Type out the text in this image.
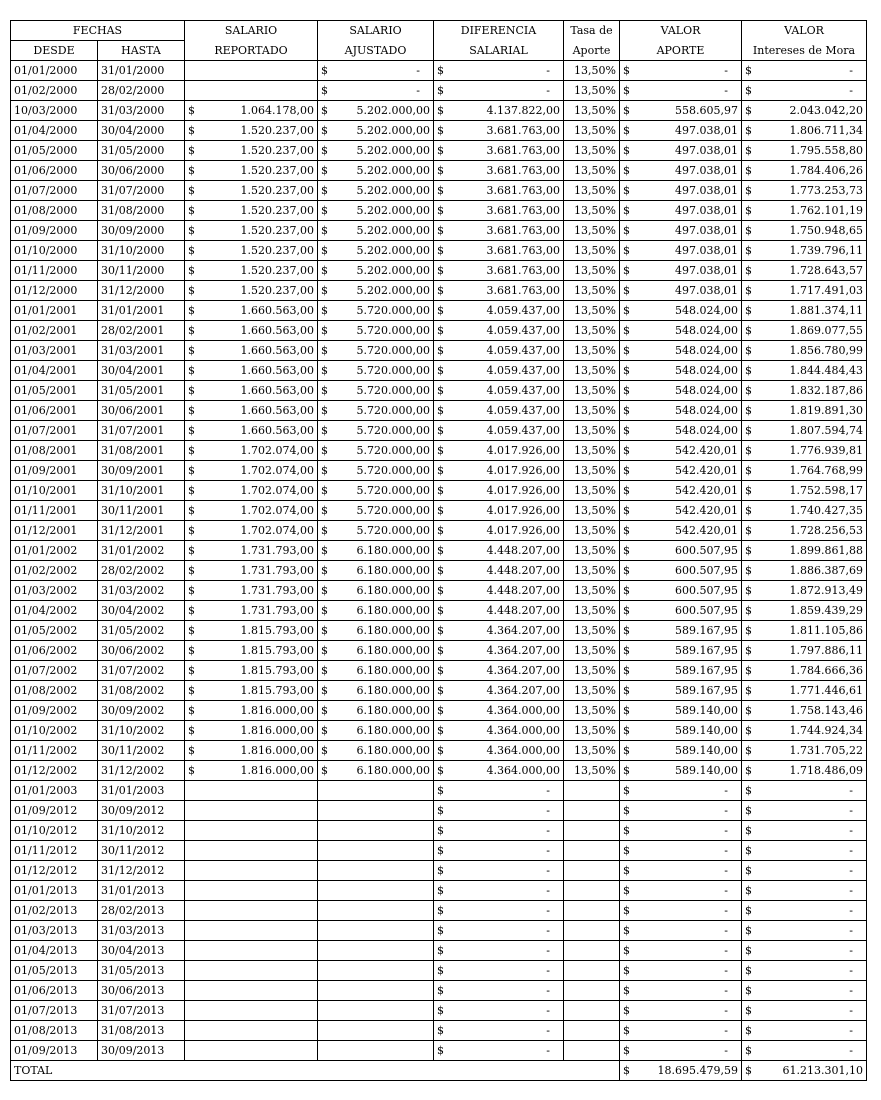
FECHAS		SALARIO	SALARIO	DIFERENCIA	Tasa de	VALOR	VALOR
DESDE	HASTA	REPORTADO	AJUSTADO	SALARIAL	Aporte	APORTE	Intereses de Mora
01/01/2000	31/01/2000		$ -	$ -	13,50%	$ -	$ -

01/02/2000	28/02/2000		$ -	$ -	13,50%	$ -	$ -

10/03/2000	31/03/2000	$ 1.064.178,00	$ 5.202.000,00	$ 4.137.822,00	13,50%	$ 558.605,97	$ 2.043.042,20

01/04/2000	30/04/2000	$ 1.520.237,00	$ 5.202.000,00	$ 3.681.763,00	13,50%	$ 497.038,01	$ 1.806.711,34

01/05/2000	31/05/2000	$ 1.520.237,00	$ 5.202.000,00	$ 3.681.763,00	13,50%	$ 497.038,01	$ 1.795.558,80

01/06/2000	30/06/2000	$ 1.520.237,00	$ 5.202.000,00	$ 3.681.763,00	13,50%	$ 497.038,01	$ 1.784.406,26

01/07/2000	31/07/2000	$ 1.520.237,00	$ 5.202.000,00	$ 3.681.763,00	13,50%	$ 497.038,01	$ 1.773.253,73

01/08/2000	31/08/2000	$ 1.520.237,00	$ 5.202.000,00	$ 3.681.763,00	13,50%	$ 497.038,01	$ 1.762.101,19

01/09/2000	30/09/2000	$ 1.520.237,00	$ 5.202.000,00	$ 3.681.763,00	13,50%	$ 497.038,01	$ 1.750.948,65

01/10/2000	31/10/2000	$ 1.520.237,00	$ 5.202.000,00	$ 3.681.763,00	13,50%	$ 497.038,01	$ 1.739.796,11

01/11/2000	30/11/2000	$ 1.520.237,00	$ 5.202.000,00	$ 3.681.763,00	13,50%	$ 497.038,01	$ 1.728.643,57

01/12/2000	31/12/2000	$ 1.520.237,00	$ 5.202.000,00	$ 3.681.763,00	13,50%	$ 497.038,01	$ 1.717.491,03

01/01/2001	31/01/2001	$ 1.660.563,00	$ 5.720.000,00	$ 4.059.437,00	13,50%	$ 548.024,00	$ 1.881.374,11

01/02/2001	28/02/2001	$ 1.660.563,00	$ 5.720.000,00	$ 4.059.437,00	13,50%	$ 548.024,00	$ 1.869.077,55

01/03/2001	31/03/2001	$ 1.660.563,00	$ 5.720.000,00	$ 4.059.437,00	13,50%	$ 548.024,00	$ 1.856.780,99

01/04/2001	30/04/2001	$ 1.660.563,00	$ 5.720.000,00	$ 4.059.437,00	13,50%	$ 548.024,00	$ 1.844.484,43

01/05/2001	31/05/2001	$ 1.660.563,00	$ 5.720.000,00	$ 4.059.437,00	13,50%	$ 548.024,00	$ 1.832.187,86

01/06/2001	30/06/2001	$ 1.660.563,00	$ 5.720.000,00	$ 4.059.437,00	13,50%	$ 548.024,00	$ 1.819.891,30

01/07/2001	31/07/2001	$ 1.660.563,00	$ 5.720.000,00	$ 4.059.437,00	13,50%	$ 548.024,00	$ 1.807.594,74

01/08/2001	31/08/2001	$ 1.702.074,00	$ 5.720.000,00	$ 4.017.926,00	13,50%	$ 542.420,01	$ 1.776.939,81

01/09/2001	30/09/2001	$ 1.702.074,00	$ 5.720.000,00	$ 4.017.926,00	13,50%	$ 542.420,01	$ 1.764.768,99

01/10/2001	31/10/2001	$ 1.702.074,00	$ 5.720.000,00	$ 4.017.926,00	13,50%	$ 542.420,01	$ 1.752.598,17

01/11/2001	30/11/2001	$ 1.702.074,00	$ 5.720.000,00	$ 4.017.926,00	13,50%	$ 542.420,01	$ 1.740.427,35

01/12/2001	31/12/2001	$ 1.702.074,00	$ 5.720.000,00	$ 4.017.926,00	13,50%	$ 542.420,01	$ 1.728.256,53

01/01/2002	31/01/2002	$ 1.731.793,00	$ 6.180.000,00	$ 4.448.207,00	13,50%	$ 600.507,95	$ 1.899.861,88

01/02/2002	28/02/2002	$ 1.731.793,00	$ 6.180.000,00	$ 4.448.207,00	13,50%	$ 600.507,95	$ 1.886.387,69

01/03/2002	31/03/2002	$ 1.731.793,00	$ 6.180.000,00	$ 4.448.207,00	13,50%	$ 600.507,95	$ 1.872.913,49

01/04/2002	30/04/2002	$ 1.731.793,00	$ 6.180.000,00	$ 4.448.207,00	13,50%	$ 600.507,95	$ 1.859.439,29

01/05/2002	31/05/2002	$ 1.815.793,00	$ 6.180.000,00	$ 4.364.207,00	13,50%	$ 589.167,95	$ 1.811.105,86

01/06/2002	30/06/2002	$ 1.815.793,00	$ 6.180.000,00	$ 4.364.207,00	13,50%	$ 589.167,95	$ 1.797.886,11

01/07/2002	31/07/2002	$ 1.815.793,00	$ 6.180.000,00	$ 4.364.207,00	13,50%	$ 589.167,95	$ 1.784.666,36

01/08/2002	31/08/2002	$ 1.815.793,00	$ 6.180.000,00	$ 4.364.207,00	13,50%	$ 589.167,95	$ 1.771.446,61

01/09/2002	30/09/2002	$ 1.816.000,00	$ 6.180.000,00	$ 4.364.000,00	13,50%	$ 589.140,00	$ 1.758.143,46

01/10/2002	31/10/2002	$ 1.816.000,00	$ 6.180.000,00	$ 4.364.000,00	13,50%	$ 589.140,00	$ 1.744.924,34

01/11/2002	30/11/2002	$ 1.816.000,00	$ 6.180.000,00	$ 4.364.000,00	13,50%	$ 589.140,00	$ 1.731.705,22

01/12/2002	31/12/2002	$ 1.816.000,00	$ 6.180.000,00	$ 4.364.000,00	13,50%	$ 589.140,00	$ 1.718.486,09

01/01/2003	31/01/2003			$ -		$ -	$ -

01/09/2012	30/09/2012			$ -		$ -	$ -

01/10/2012	31/10/2012			$ -		$ -	$ -

01/11/2012	30/11/2012			$ -		$ -	$ -

01/12/2012	31/12/2012			$ -		$ -	$ -

01/01/2013	31/01/2013			$ -		$ -	$ -

01/02/2013	28/02/2013			$ -		$ -	$ -

01/03/2013	31/03/2013			$ -		$ -	$ -

01/04/2013	30/04/2013			$ -		$ -	$ -

01/05/2013	31/05/2013			$ -		$ -	$ -

01/06/2013	30/06/2013			$ -		$ -	$ -

01/07/2013	31/07/2013			$ -		$ -	$ -

01/08/2013	31/08/2013			$ -		$ -	$ -

01/09/2013	30/09/2013			$ -		$ -	$ -

TOTAL						$ 18.695.479,59	$ 61.213.301,10
